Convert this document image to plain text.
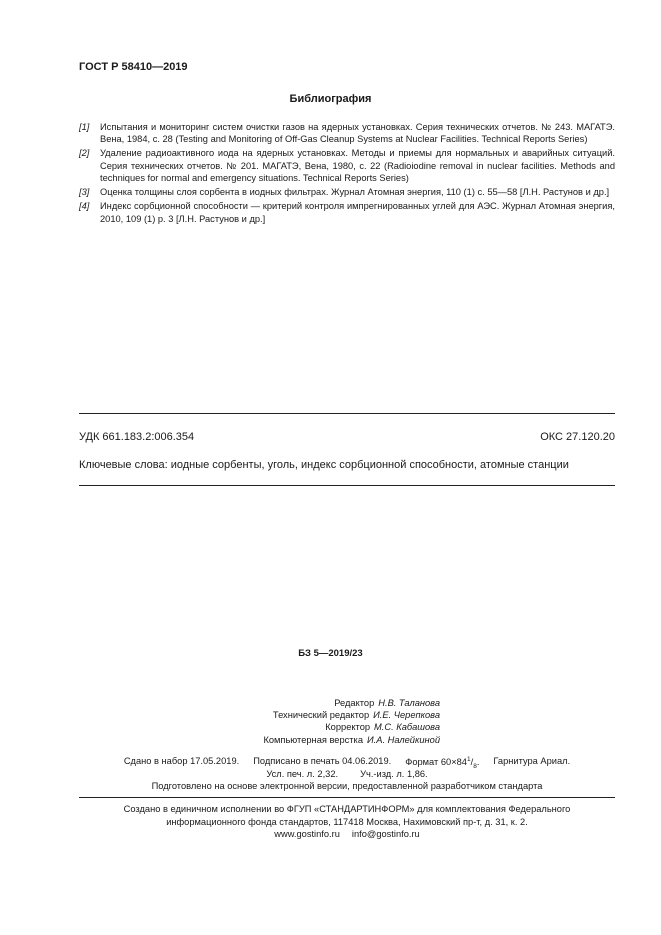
ГОСТ Р 58410—2019
Библиография
[1]	Испытания и мониторинг систем очистки газов на ядерных установках. Серия технических отчетов. № 243. МАГАТЭ. Вена, 1984, с. 28 (Testing and Monitoring of Off-Gas Cleanup Systems at Nuclear Facilities. Technical Reports Series)
[2]	Удаление радиоактивного иода на ядерных установках. Методы и приемы для нормальных и аварийных ситуаций. Серия технических отчетов. № 201. МАГАТЭ, Вена, 1980, с. 22 (Radioiodine removal in nuclear facilities. Methods and techniques for normal and emergency situations. Technical Reports Series)
[3]	Оценка толщины слоя сорбента в иодных фильтрах. Журнал Атомная энергия, 110 (1) с. 55—58 [Л.Н. Растунов и др.]
[4]	Индекс сорбционной способности — критерий контроля импрегнированных углей для АЭС. Журнал Атомная энергия, 2010, 109 (1) р. 3 [Л.Н. Растунов и др.]
УДК 661.183.2:006.354	ОКС 27.120.20
Ключевые слова: иодные сорбенты, уголь, индекс сорбционной способности, атомные станции
БЗ 5—2019/23
Редактор Н.В. Таланова
Технический редактор И.Е. Черепкова
Корректор М.С. Кабашова
Компьютерная верстка И.А. Налейкиной
Сдано в набор 17.05.2019. Подписано в печать 04.06.2019. Формат $60\times 84^1/_8$. Гарнитура Ариал.
Усл. печ. л. 2,32. Уч.-изд. л. 1,86.
Подготовлено на основе электронной версии, предоставленной разработчиком стандарта
Создано в единичном исполнении во ФГУП «СТАНДАРТИНФОРМ» для комплектования Федерального
информационного фонда стандартов, 117418 Москва, Нахимовский пр-т, д. 31, к. 2.
www.gostinfo.ru info@gostinfo.ru
